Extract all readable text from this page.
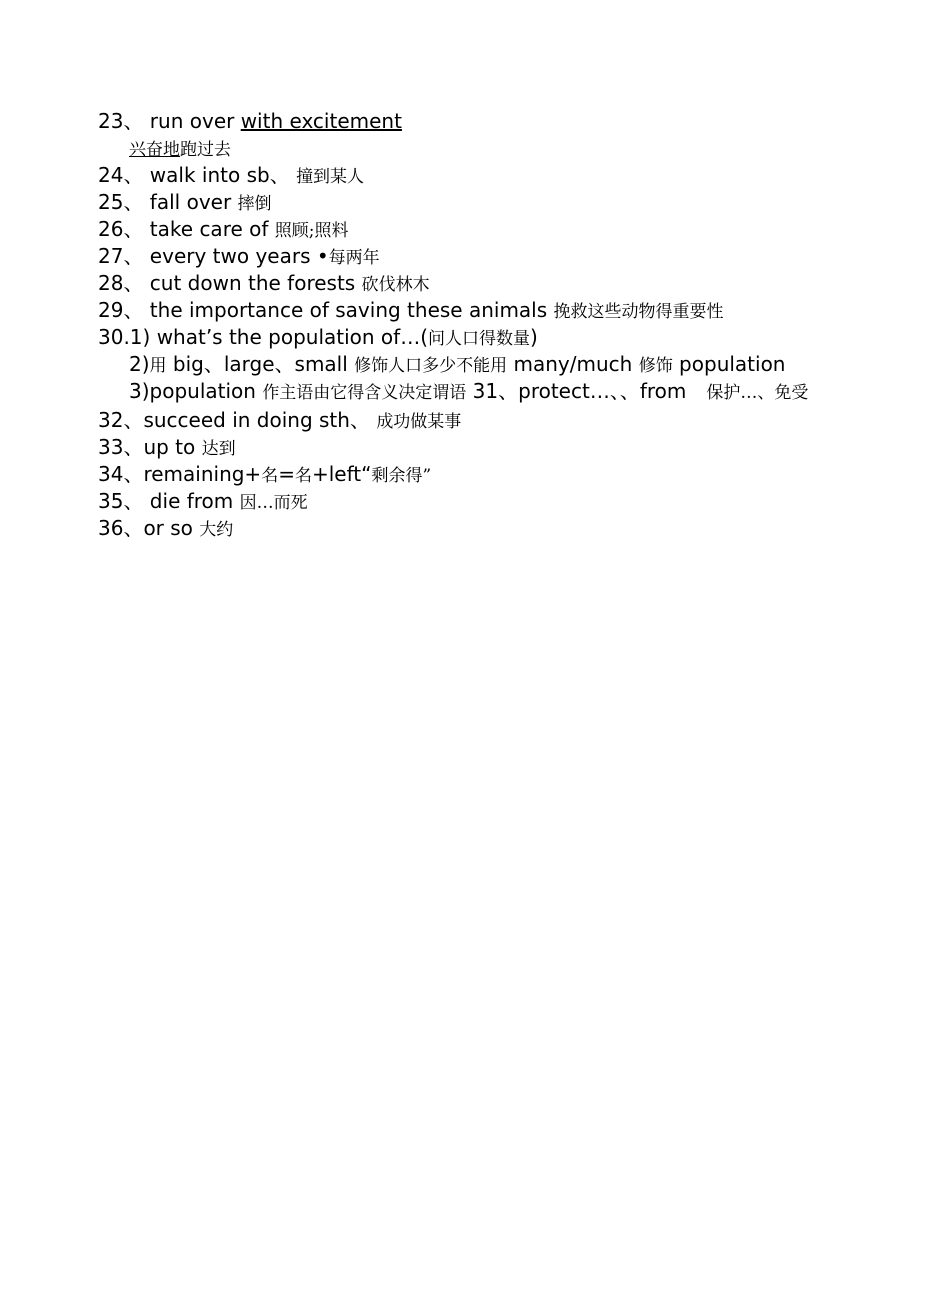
23、 run over with excitement
兴奋地跑过去
24、 walk into sb、 撞到某人
25、 fall over 摔倒
26、 take care of 照顾;照料
27、 every two years •每两年
28、 cut down the forests 砍伐林木
29、 the importance of saving these animals 挽救这些动物得重要性
30.1) what’s the population of…(问人口得数量)
2)用 big、large、small 修饰人口多少不能用 many/much 修饰 population
3)population 作主语由它得含义决定谓语 31、protect…、、from　保护…、免受
32、succeed in doing sth、 成功做某事
33、up to 达到
34、remaining+名=名+left“剩余得”
35、 die from 因…而死
36、or so 大约
